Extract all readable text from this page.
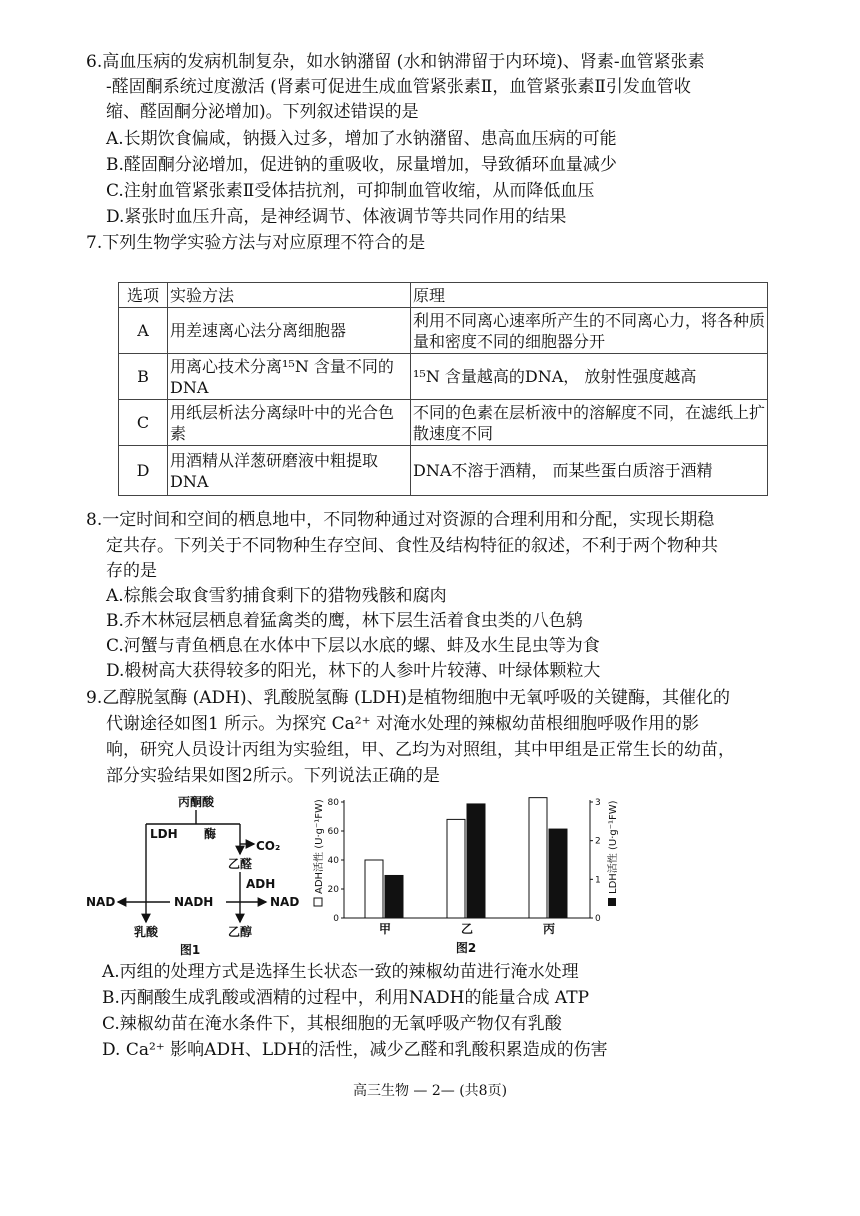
6.高血压病的发病机制复杂，如水钠潴留 (水和钠滞留于内环境)、肾素-血管紧张素
-醛固酮系统过度激活 (肾素可促进生成血管紧张素Ⅱ，血管紧张素Ⅱ引发血管收
缩、醛固酮分泌增加)。下列叙述错误的是
A.长期饮食偏咸，钠摄入过多，增加了水钠潴留、患高血压病的可能
B.醛固酮分泌增加，促进钠的重吸收，尿量增加，导致循环血量减少
C.注射血管紧张素Ⅱ受体拮抗剂，可抑制血管收缩，从而降低血压
D.紧张时血压升高，是神经调节、体液调节等共同作用的结果
7.下列生物学实验方法与对应原理不符合的是
选项	实验方法	原理
A	用差速离心法分离细胞器	利用不同离心速率所产生的不同离心力，将各种质量和密度不同的细胞器分开
B	用离心技术分离¹⁵N 含量不同的 DNA	¹⁵N 含量越高的DNA， 放射性强度越高
C	用纸层析法分离绿叶中的光合色素	不同的色素在层析液中的溶解度不同，在滤纸上扩散速度不同
D	用酒精从洋葱研磨液中粗提取 DNA	DNA不溶于酒精， 而某些蛋白质溶于酒精
8.一定时间和空间的栖息地中，不同物种通过对资源的合理利用和分配，实现长期稳
定共存。下列关于不同物种生存空间、食性及结构特征的叙述，不利于两个物种共
存的是
A.棕熊会取食雪豹捕食剩下的猎物残骸和腐肉
B.乔木林冠层栖息着猛禽类的鹰，林下层生活着食虫类的八色鸫
C.河蟹与青鱼栖息在水体中下层以水底的螺、蚌及水生昆虫等为食
D.椴树高大获得较多的阳光，林下的人参叶片较薄、叶绿体颗粒大
9.乙醇脱氢酶 (ADH)、乳酸脱氢酶 (LDH)是植物细胞中无氧呼吸的关键酶，其催化的
代谢途径如图1 所示。为探究 Ca²⁺ 对淹水处理的辣椒幼苗根细胞呼吸作用的影
响，研究人员设计丙组为实验组，甲、乙均为对照组，其中甲组是正常生长的幼苗，
部分实验结果如图2所示。下列说法正确的是
丙酮酸
LDH 酶
CO₂
乙醛
ADH
NAD	NADH	NAD
乳酸	乙醇
图1
0
20
40
60
80
0
1
2
3
甲	乙	丙
ADH活性 (U·g⁻¹FW)	LDH活性 (U·g⁻¹FW)
图2
A.丙组的处理方式是选择生长状态一致的辣椒幼苗进行淹水处理
B.丙酮酸生成乳酸或酒精的过程中，利用NADH的能量合成 ATP
C.辣椒幼苗在淹水条件下，其根细胞的无氧呼吸产物仅有乳酸
D. Ca²⁺ 影响ADH、LDH的活性，减少乙醛和乳酸积累造成的伤害
高三生物 — 2— (共8页)
